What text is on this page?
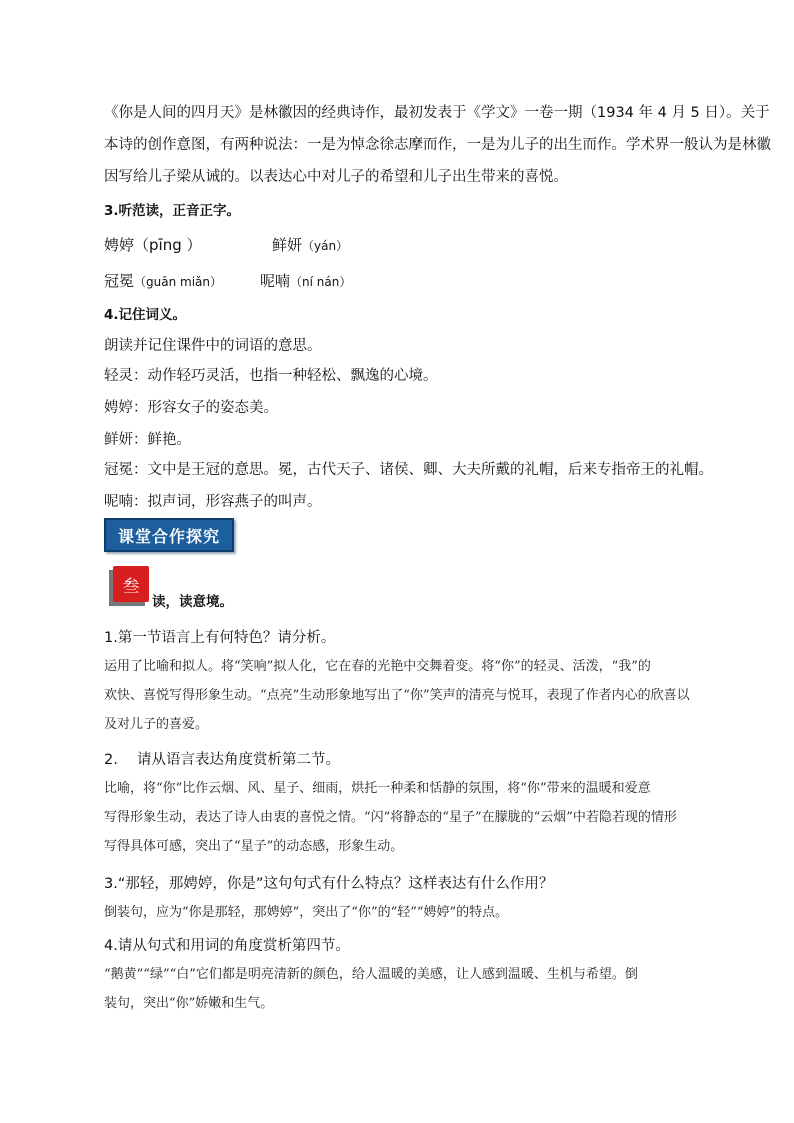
《你是人间的四月天》是林徽因的经典诗作，最初发表于《学文》一卷一期（1934 年 4 月 5 日）。关于
本诗的创作意图，有两种说法：一是为悼念徐志摩而作，一是为儿子的出生而作。学术界一般认为是林徽
因写给儿子梁从诫的。以表达心中对儿子的希望和儿子出生带来的喜悦。
3.听范读，正音正字。
娉婷（pīng ）	鲜妍（yán）
冠冕（guān miǎn）	呢喃（ní nán）
4.记住词义。
朗读并记住课件中的词语的意思。
轻灵：动作轻巧灵活，也指一种轻松、飘逸的心境。
娉婷：形容女子的姿态美。
鲜妍：鲜艳。
冠冕：文中是王冠的意思。冕，古代天子、诸侯、卿、大夫所戴的礼帽，后来专指帝王的礼帽。
呢喃：拟声词，形容燕子的叫声。
课堂合作探究
叁
读，读意境。
1.第一节语言上有何特色？请分析。
运用了比喻和拟人。将“笑响”拟人化，它在春的光艳中交舞着变。将“你”的轻灵、活泼，“我”的
欢快、喜悦写得形象生动。“点亮”生动形象地写出了“你”笑声的清亮与悦耳，表现了作者内心的欣喜以
及对儿子的喜爱。
2.　 请从语言表达角度赏析第二节。
比喻，将“你”比作云烟、风、星子、细雨，烘托一种柔和恬静的氛围，将“你”带来的温暖和爱意
写得形象生动，表达了诗人由衷的喜悦之情。“闪”将静态的“星子”在朦胧的“云烟”中若隐若现的情形
写得具体可感，突出了“星子”的动态感，形象生动。
3.“那轻，那娉婷，你是”这句句式有什么特点？这样表达有什么作用？
倒装句，应为“你是那轻，那娉婷”，突出了“你”的“轻”“娉婷”的特点。
4.请从句式和用词的角度赏析第四节。
“鹅黄”“绿”“白”它们都是明亮清新的颜色，给人温暖的美感，让人感到温暖、生机与希望。倒
装句，突出“你”娇嫩和生气。
